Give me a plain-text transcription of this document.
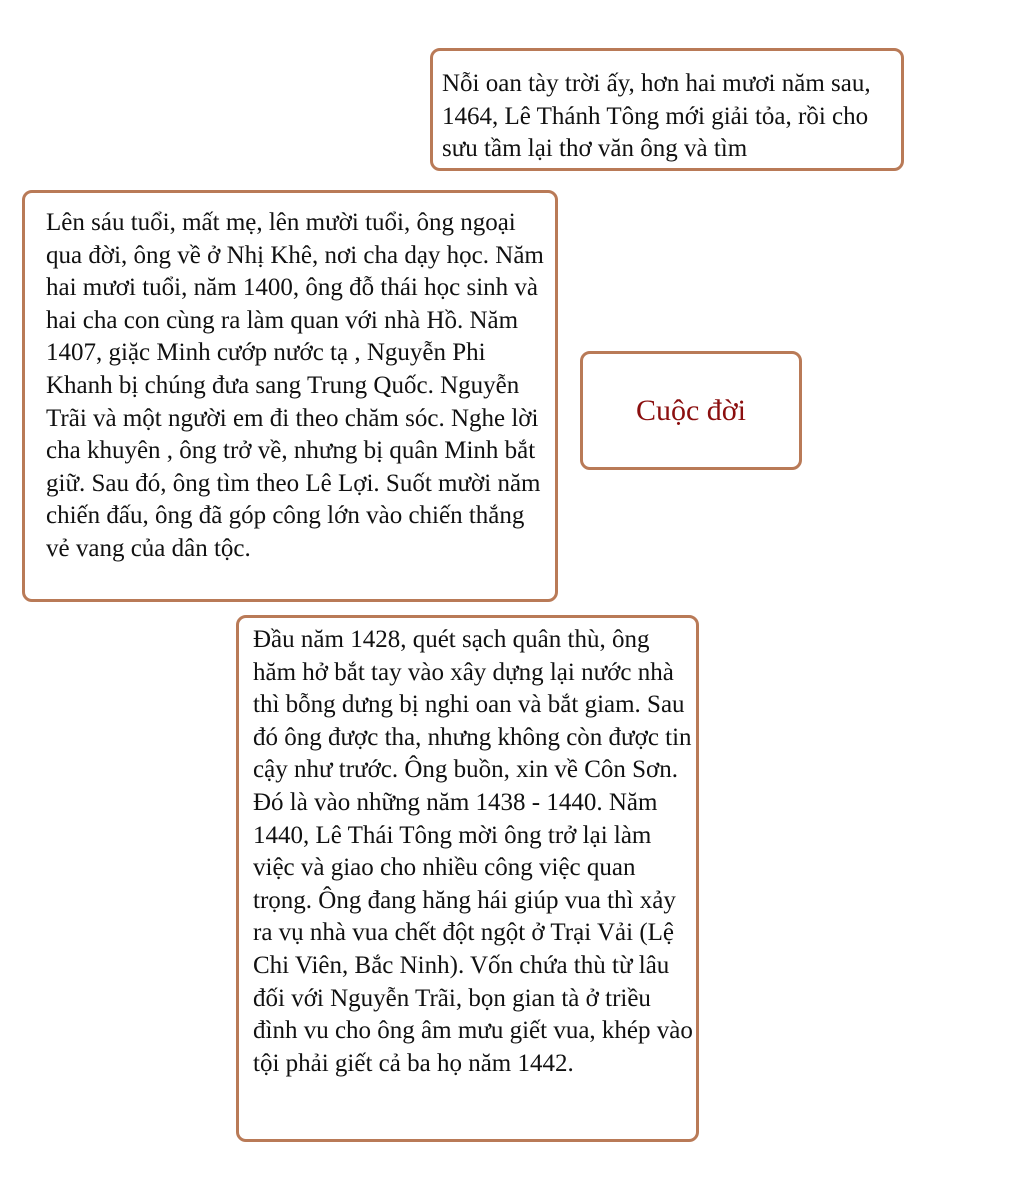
Nỗi oan tày trời ấy, hơn hai mươi năm sau, 1464, Lê Thánh Tông mới giải tỏa, rồi cho sưu tầm lại thơ văn ông và tìm

Lên sáu tuổi, mất mẹ, lên mười tuổi, ông ngoại qua đời, ông về ở Nhị Khê, nơi cha dạy học. Năm hai mươi tuổi, năm 1400, ông đỗ thái học sinh và hai cha con cùng ra làm quan với nhà Hồ. Năm 1407, giặc Minh cướp nước tạ , Nguyễn Phi Khanh bị chúng đưa sang Trung Quốc. Nguyễn Trãi và một người em đi theo chăm sóc. Nghe lời cha khuyên , ông trở về, nhưng bị quân Minh bắt giữ. Sau đó, ông tìm theo Lê Lợi. Suốt mười năm chiến đấu, ông đã góp công lớn vào chiến thắng vẻ vang của dân tộc.

Cuộc đời

Đầu năm 1428, quét sạch quân thù, ông hăm hở bắt tay vào xây dựng lại nước nhà thì bỗng dưng bị nghi oan và bắt giam. Sau đó ông được tha, nhưng không còn được tin cậy như trước. Ông buồn, xin về Côn Sơn. Đó là vào những năm 1438 - 1440. Năm 1440, Lê Thái Tông mời ông trở lại làm việc và giao cho nhiều công việc quan trọng. Ông đang hăng hái giúp vua thì xảy ra vụ nhà vua chết đột ngột ở Trại Vải (Lệ Chi Viên, Bắc Ninh). Vốn chứa thù từ lâu đối với Nguyễn Trãi, bọn gian tà ở triều đình vu cho ông âm mưu giết vua, khép vào tội phải giết cả ba họ năm 1442.
